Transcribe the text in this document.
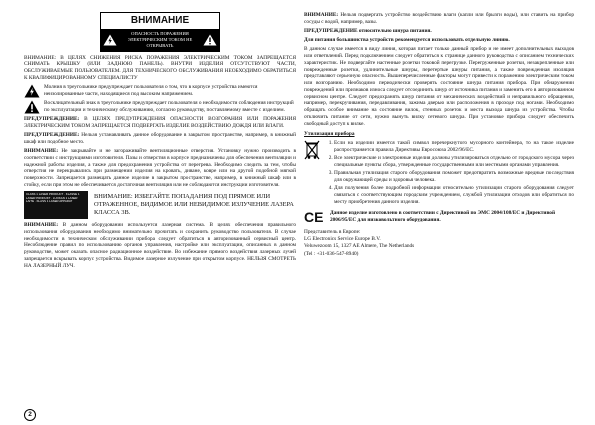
ВНИМАНИЕ
ОПАСНОСТЬ ПОРАЖЕНИЯ ЭЛЕКТРИЧЕСКИМ ТОКОМ НЕ ОТКРЫВАТЬ

ВНИМАНИЕ: В ЦЕЛЯХ СНИЖЕНИЯ РИСКА ПОРАЖЕНИЯ ЭЛЕКТРИЧЕСКИМ ТОКОМ ЗАПРЕЩАЕТСЯ СНИМАТЬ КРЫШКУ (ИЛИ ЗАДНЮЮ ПАНЕЛЬ). ВНУТРИ ИЗДЕЛИЯ ОТСУТСТВУЮТ ЧАСТИ, ОБСЛУЖИВАЕМЫЕ ПОЛЬЗОВАТЕЛЕМ. ДЛЯ ТЕХНИЧЕСКОГО ОБСЛУЖИВАНИЯ НЕОБХОДИМО ОБРАТИТЬСЯ К КВАЛИФИЦИРОВАННОМУ СПЕЦИАЛИСТУ

Молния в треугольнике предупреждает пользователя о том, что в корпусе устройства имеются неизолированные части, находящиеся под высоким напряжением.
Восклицательный знак в треугольнике предупреждает пользователя о необходимости соблюдения инструкций по эксплуатации и техническому обслуживанию, согласно руководству, поставляемому вместе с изделием.

ПРЕДУПРЕЖДЕНИЕ: В ЦЕЛЯХ ПРЕДУПРЕЖДЕНИЯ ОПАСНОСТИ ВОЗГОРАНИЯ ИЛИ ПОРАЖЕНИЯ ЭЛЕКТРИЧЕСКИМ ТОКОМ ЗАПРЕЩАЕТСЯ ПОДВЕРГАТЬ ИЗДЕЛИЕ ВОЗДЕЙСТВИЮ ДОЖДЯ ИЛИ ВЛАГИ.

ПРЕДУПРЕЖДЕНИЕ: Нельзя устанавливать данное оборудование в закрытом пространстве, например, в книжный шкаф или подобное место.

ВНИМАНИЕ: Не закрывайте и не загораживайте вентиляционные отверстия. Установку нужно производить в соответствии с инструкциями изготовителя. Пазы и отверстия в корпусе предназначены для обеспечения вентиляции и надежной работы изделия, а также для предохранения устройства от перегрева. Необходимо следить за тем, чтобы отверстия не перекрывались при размещении изделия на кровать, диване, ковре или на другой подобной мягкой поверхности. Запрещается размещать данное изделие в закрытом пространстве, например, в книжный шкаф или в стойку, если при этом не обеспечивается достаточная вентиляция или не соблюдаются инструкции изготовителя.

CLASS 1 LASER PRODUCT · KLASSE 1 LASER PRODUKT · LUOKAN 1 LASER LAITE · KLASS 1 LASER APPARAT
ВНИМАНИЕ: ИЗБЕГАЙТЕ ПОПАДАНИЯ ПОД ПРЯМОЕ ИЛИ ОТРАЖЕННОЕ, ВИДИМОЕ ИЛИ НЕВИДИМОЕ ИЗЛУЧЕНИЕ ЛАЗЕРА КЛАССА 3B.

ВНИМАНИЕ: В данном оборудовании используется лазерная система. В целях обеспечения правильного использования оборудования необходимо внимательно прочитать и сохранить руководство пользователя. В случае необходимости в техническом обслуживании прибора следует обратиться в авторизованный сервисный центр. Несоблюдение правил по использованию органов управления, настройке или эксплуатации, описанных в данном руководстве, может оказать опасное радиационное воздействие. Во избежание прямого воздействия лазерных лучей запрещается вскрывать корпус устройства. Видимое лазерное излучение при открытом корпусе. НЕЛЬЗЯ СМОТРЕТЬ НА ЛАЗЕРНЫЙ ЛУЧ.

2

ВНИМАНИЕ: Нельзя подвергать устройство воздействию влаги (капли или брызги воды), или ставить на прибор сосуды с водой, например, вазы.

ПРЕДУПРЕЖДЕНИЕ относительно шнура питания.

Для питания большинства устройств рекомендуется использовать отдельную линию.

В данном случае имеется в виду линия, которая питает только данный прибор и не имеет дополнительных выходов или ответвлений. Перед подключением следует обратиться к странице данного руководства с описанием технических характеристик. Не подвергайте настенные розетки токовой перегрузке. Перегруженные розетки, незакрепленные или поврежденные розетки, удлинительные шнуры, перетертые шнуры питания, а также поврежденная изоляция представляют серьезную опасность. Вышеперечисленные факторы могут привести к поражению электрическим током или возгоранию. Необходимо периодически проверять состояние шнура питания прибора. При обнаружении повреждений или признаков износа следует отсоединить шнур от источника питания и заменить его в авторизованном сервисном центре. Следует предохранять шнур питания от механических воздействий и неправильного обращения, например, перекручивания, передавливания, зажима дверью или расположения в проходе под ногами. Необходимо обращать особое внимание на состояние вилок, стенных розеток и места выхода шнура из устройства. Чтобы отключить питание от сети, нужно вынуть вилку сетевого шнура. При установке прибора следует обеспечить свободный доступ к вилке.

Утилизация прибора
1. Если на изделии имеется такой символ перечеркнутого мусорного контейнера, то на такое изделие распространяется правила Директивы Евросоюза 2002/96/EC.
2. Все электрические и электронные изделия должны утилизироваться отдельно от городского мусора через специальные пункты сбора, утвержденные государственными или местными органами управления.
3. Правильная утилизация старого оборудования поможет предотвратить возможные вредные последствия для окружающей среды и здоровья человека.
4. Для получения более подробной информации относительно утилизации старого оборудования следует связаться с соответствующим городским учреждением, службой утилизации отходов или обратиться по месту приобретения данного изделия.
CE	Данное изделие изготовлено в соответствии с Директивой по ЭМС 2004/108/EC и Директивой 2006/95/EC для низковольтного оборудования.
Представитель в Европе:
LG Electronics Service Europe B.V.
Veluwezoom 15, 1327 AE Almere, The Netherlands
(Tel : +31-036-547-8940)
